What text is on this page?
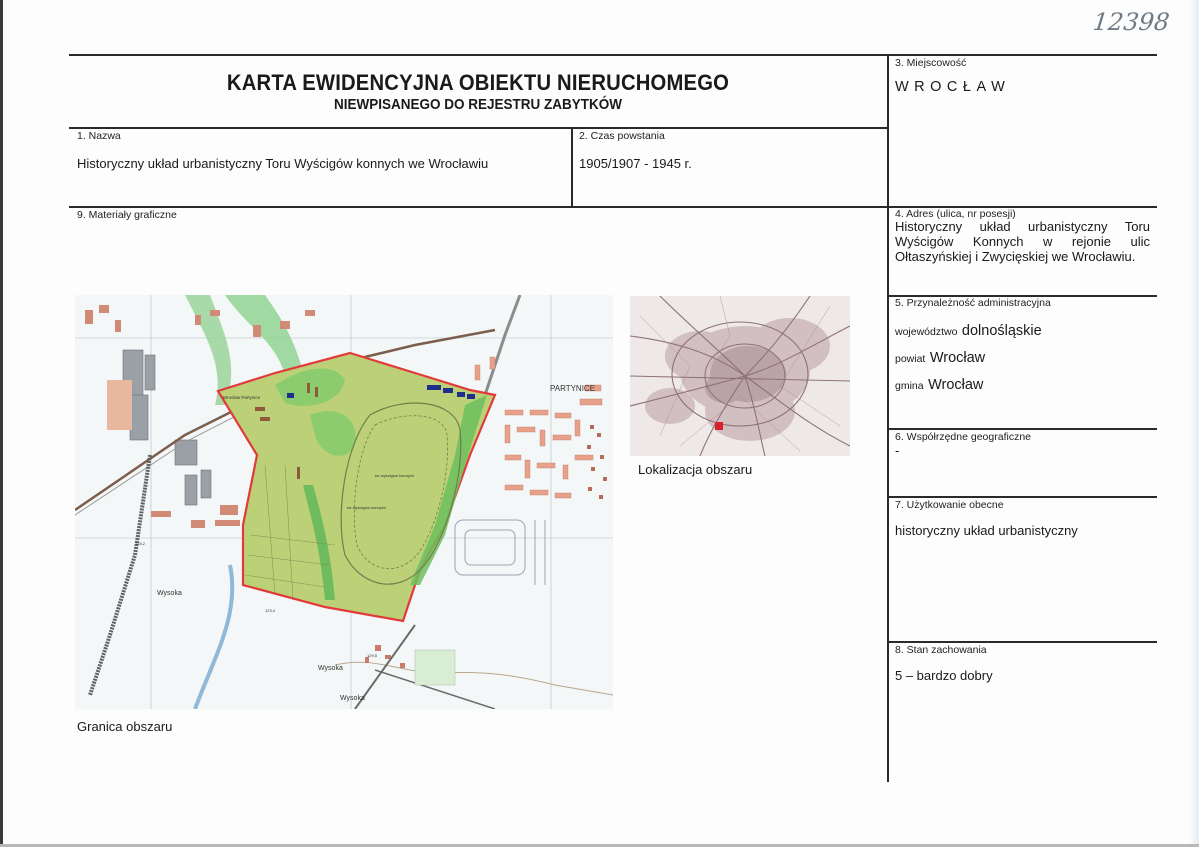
12398
KARTA EWIDENCYJNA OBIEKTU NIERUCHOMEGO
NIEWPISANEGO DO REJESTRU ZABYTKÓW
1. Nazwa
Historyczny układ urbanistyczny Toru Wyścigów konnych we Wrocławiu
2. Czas powstania
1905/1907 - 1945 r.
3. Miejscowość
WROCŁAW
9. Materiały graficzne	4. Adres (ulica, nr posesji)
Historyczny układ urbanistyczny Toru Wyścigów Konnych w rejonie ulic Ołtaszyńskiej i Zwycięskiej we Wrocławiu.
5. Przynależność administracyjna
województwo dolnośląskie
powiat Wrocław
gmina Wrocław
6. Współrzędne geograficzne
-
7. Użytkowanie obecne
historyczny układ urbanistyczny
8. Stan zachowania
5 – bardzo dobry
PARTYNICE
Wysoka
Wysoka
Wysoka
tor wyścigów konnych
tor wyścigów konnych
Wrocław Partynice
128,2
123,4
129,5
Granica obszaru
Lokalizacja obszaru
